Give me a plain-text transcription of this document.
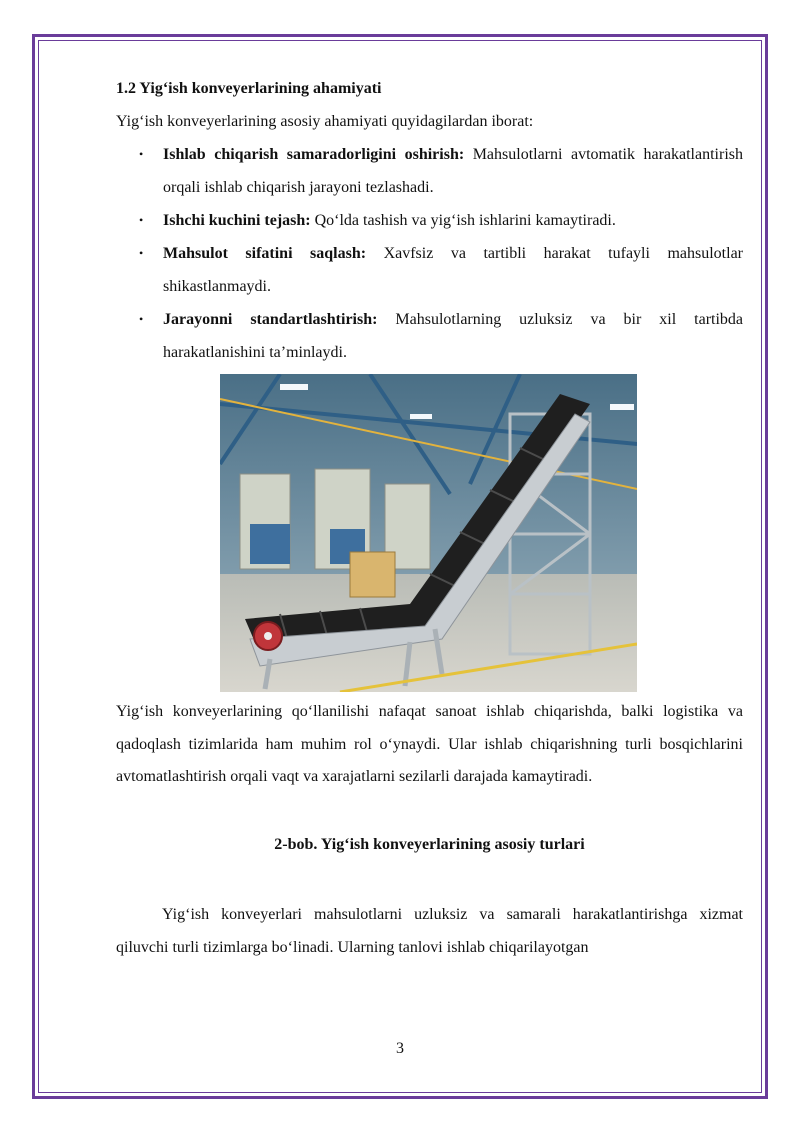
1.2 Yig‘ish konveyerlarining ahamiyati

Yig‘ish konveyerlarining asosiy ahamiyati quyidagilardan iborat:

• Ishlab chiqarish samaradorligini oshirish: Mahsulotlarni avtomatik harakatlantirish orqali ishlab chiqarish jarayoni tezlashadi.
• Ishchi kuchini tejash: Qo‘lda tashish va yig‘ish ishlarini kamaytiradi.
• Mahsulot sifatini saqlash: Xavfsiz va tartibli harakat tufayli mahsulotlar shikastlanmaydi.
• Jarayonni standartlashtirish: Mahsulotlarning uzluksiz va bir xil tartibda harakatlanishini ta’minlaydi.

Yig‘ish konveyerlarining qo‘llanilishi nafaqat sanoat ishlab chiqarishda, balki logistika va qadoqlash tizimlarida ham muhim rol o‘ynaydi. Ular ishlab chiqarishning turli bosqichlarini avtomatlashtirish orqali vaqt va xarajatlarni sezilarli darajada kamaytiradi.

2-bob. Yig‘ish konveyerlarining asosiy turlari

Yig‘ish konveyerlari mahsulotlarni uzluksiz va samarali harakatlantirishga xizmat qiluvchi turli tizimlarga bo‘linadi. Ularning tanlovi ishlab chiqarilayotgan

3
